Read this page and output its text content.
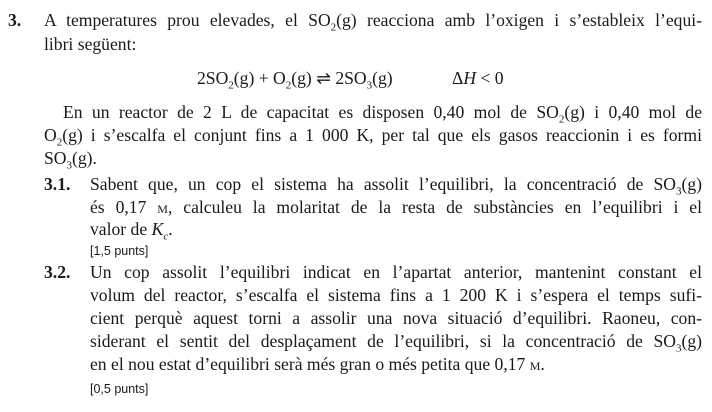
3. A temperatures prou elevades, el $SO_2(g)$ reacciona amb l’oxigen i s’estableix l’equi-
libri següent:
$2SO_2(g) + O_2(g)$ ⇌ $2SO_3(g)$	ΔH < 0
En un reactor de 2 L de capacitat es disposen 0,40 mol de $SO_2(g)$ i 0,40 mol de
$O_2(g)$ i s’escalfa el conjunt fins a 1 000 K, per tal que els gasos reaccionin i es formi
$SO_3(g)$.
3.1. Sabent que, un cop el sistema ha assolit l’equilibri, la concentració de $SO_3(g)$
és 0,17 m, calculeu la molaritat de la resta de substàncies en l’equilibri i el
valor de $K_c$.
[1,5 punts]
3.2. Un cop assolit l’equilibri indicat en l’apartat anterior, mantenint constant el
volum del reactor, s’escalfa el sistema fins a 1 200 K i s’espera el temps sufi-
cient perquè aquest torni a assolir una nova situació d’equilibri. Raoneu, con-
siderant el sentit del desplaçament de l’equilibri, si la concentració de $SO_3(g)$
en el nou estat d’equilibri serà més gran o més petita que 0,17 m.
[0,5 punts]
